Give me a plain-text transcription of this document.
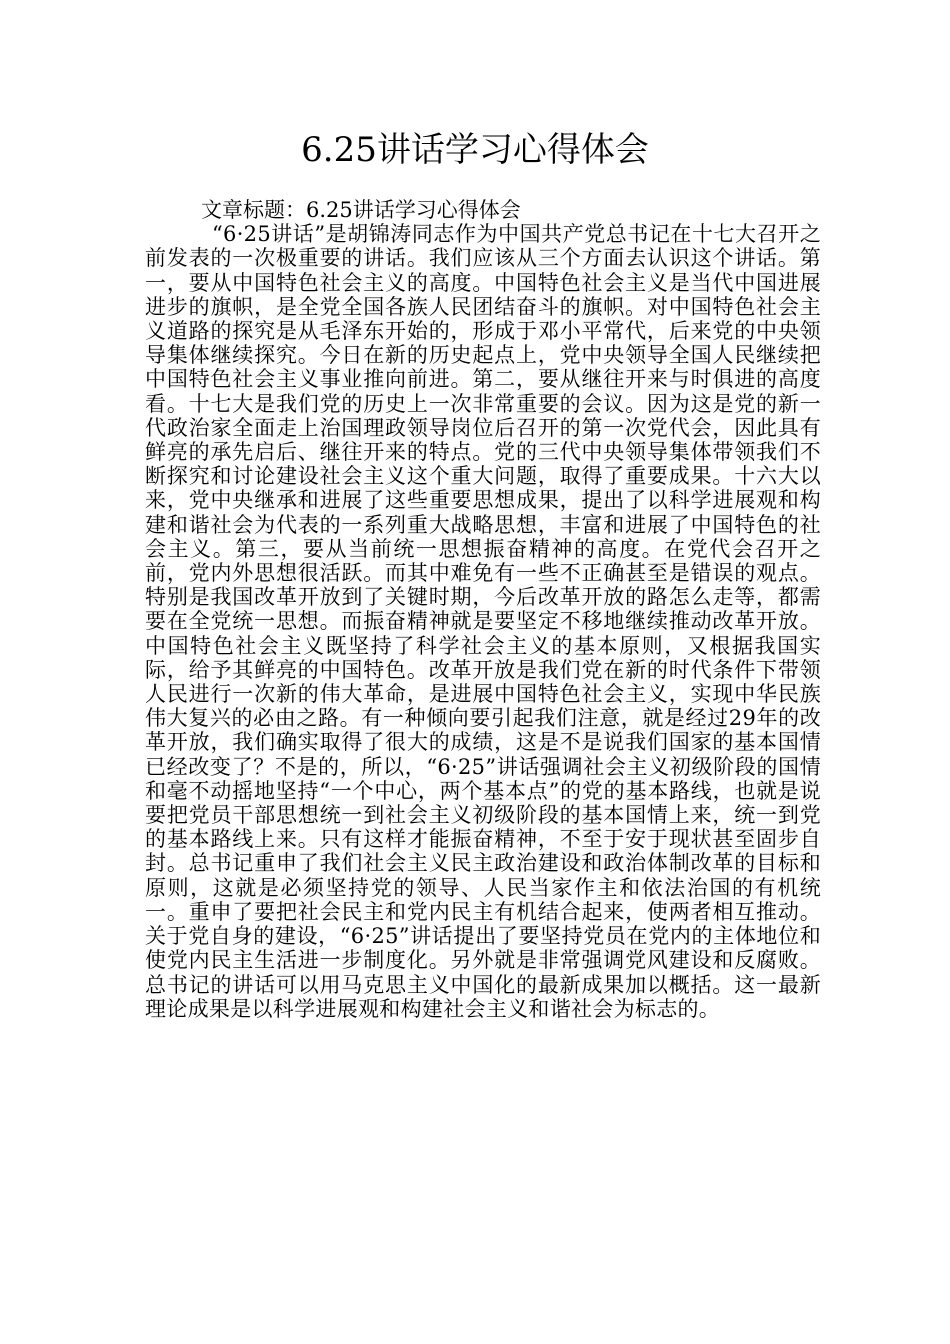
6.25讲话学习心得体会

文章标题：6.25讲话学习心得体会

“6·25讲话”是胡锦涛同志作为中国共产党总书记在十七大召开之前发表的一次极重要的讲话。我们应该从三个方面去认识这个讲话。第一，要从中国特色社会主义的高度。中国特色社会主义是当代中国进展进步的旗帜，是全党全国各族人民团结奋斗的旗帜。对中国特色社会主义道路的探究是从毛泽东开始的，形成于邓小平常代，后来党的中央领导集体继续探究。今日在新的历史起点上，党中央领导全国人民继续把中国特色社会主义事业推向前进。第二，要从继往开来与时俱进的高度看。十七大是我们党的历史上一次非常重要的会议。因为这是党的新一代政治家全面走上治国理政领导岗位后召开的第一次党代会，因此具有鲜亮的承先启后、继往开来的特点。党的三代中央领导集体带领我们不断探究和讨论建设社会主义这个重大问题，取得了重要成果。十六大以来，党中央继承和进展了这些重要思想成果，提出了以科学进展观和构建和谐社会为代表的一系列重大战略思想，丰富和进展了中国特色的社会主义。第三，要从当前统一思想振奋精神的高度。在党代会召开之前，党内外思想很活跃。而其中难免有一些不正确甚至是错误的观点。特别是我国改革开放到了关键时期，今后改革开放的路怎么走等，都需要在全党统一思想。而振奋精神就是要坚定不移地继续推动改革开放。中国特色社会主义既坚持了科学社会主义的基本原则，又根据我国实际，给予其鲜亮的中国特色。改革开放是我们党在新的时代条件下带领人民进行一次新的伟大革命，是进展中国特色社会主义，实现中华民族伟大复兴的必由之路。有一种倾向要引起我们注意，就是经过29年的改革开放，我们确实取得了很大的成绩，这是不是说我们国家的基本国情已经改变了？不是的，所以，“6·25”讲话强调社会主义初级阶段的国情和毫不动摇地坚持“一个中心，两个基本点”的党的基本路线，也就是说要把党员干部思想统一到社会主义初级阶段的基本国情上来，统一到党的基本路线上来。只有这样才能振奋精神，不至于安于现状甚至固步自封。总书记重申了我们社会主义民主政治建设和政治体制改革的目标和原则，这就是必须坚持党的领导、人民当家作主和依法治国的有机统一。重申了要把社会民主和党内民主有机结合起来，使两者相互推动。关于党自身的建设，“6·25”讲话提出了要坚持党员在党内的主体地位和使党内民主生活进一步制度化。另外就是非常强调党风建设和反腐败。总书记的讲话可以用马克思主义中国化的最新成果加以概括。这一最新理论成果是以科学进展观和构建社会主义和谐社会为标志的。
